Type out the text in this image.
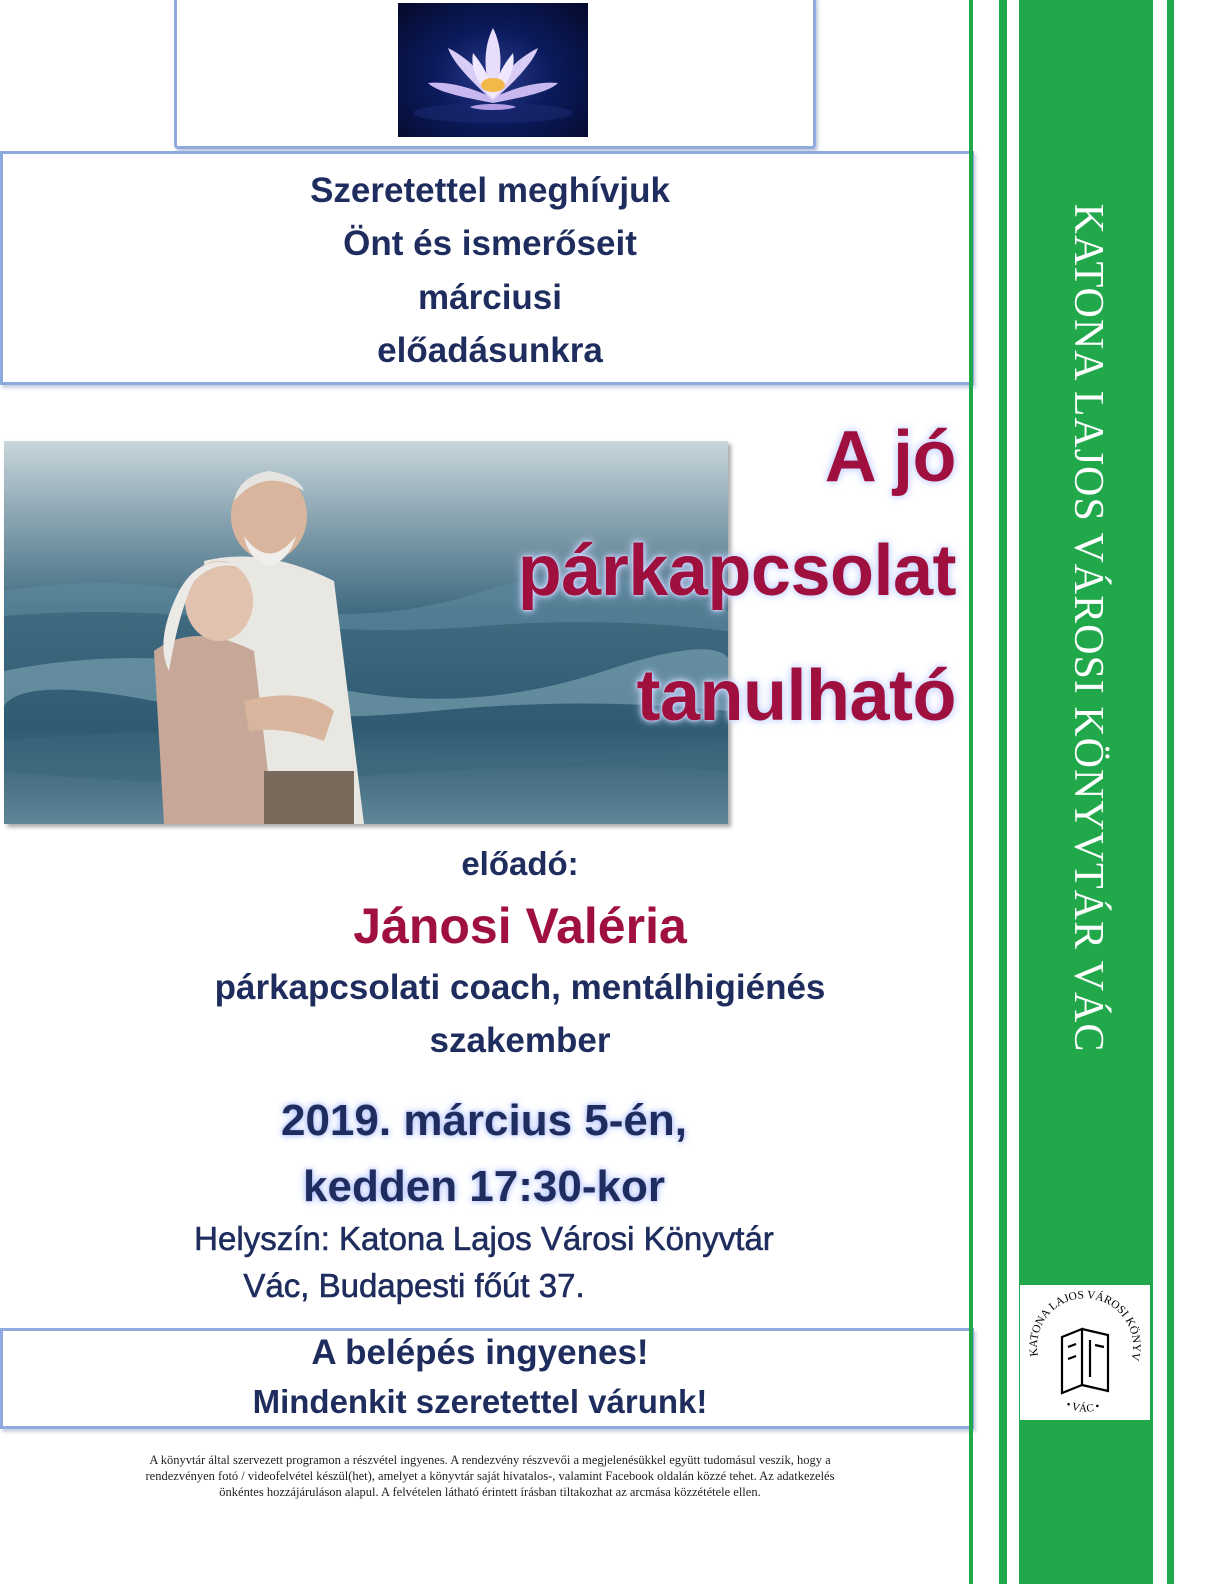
Szeretettel meghívjuk
Önt és ismerőseit
márciusi
előadásunkra
A jó
párkapcsolat
tanulható
előadó:
Jánosi Valéria
párkapcsolati coach, mentálhigiénés
szakember
2019. március 5-én,
kedden 17:30-kor
Helyszín: Katona Lajos Városi Könyvtár
Vác, Budapesti főút 37.
A belépés ingyenes!
Mindenkit szeretettel várunk!
A könyvtár által szervezett programon a részvétel ingyenes. A rendezvény részvevői a megjelenésükkel együtt tudomásul veszik, hogy a
rendezvényen fotó / videofelvétel készül(het), amelyet a könyvtár saját hivatalos-, valamint Facebook oldalán közzé tehet. Az adatkezelés
önkéntes hozzájáruláson alapul. A felvételen látható érintett írásban tiltakozhat az arcmása közzététele ellen.
KATONA LAJOS VÁROSI KÖNYVTÁR VÁC
KATONA LAJOS VÁROSI KÖNYV
• VÁC •
